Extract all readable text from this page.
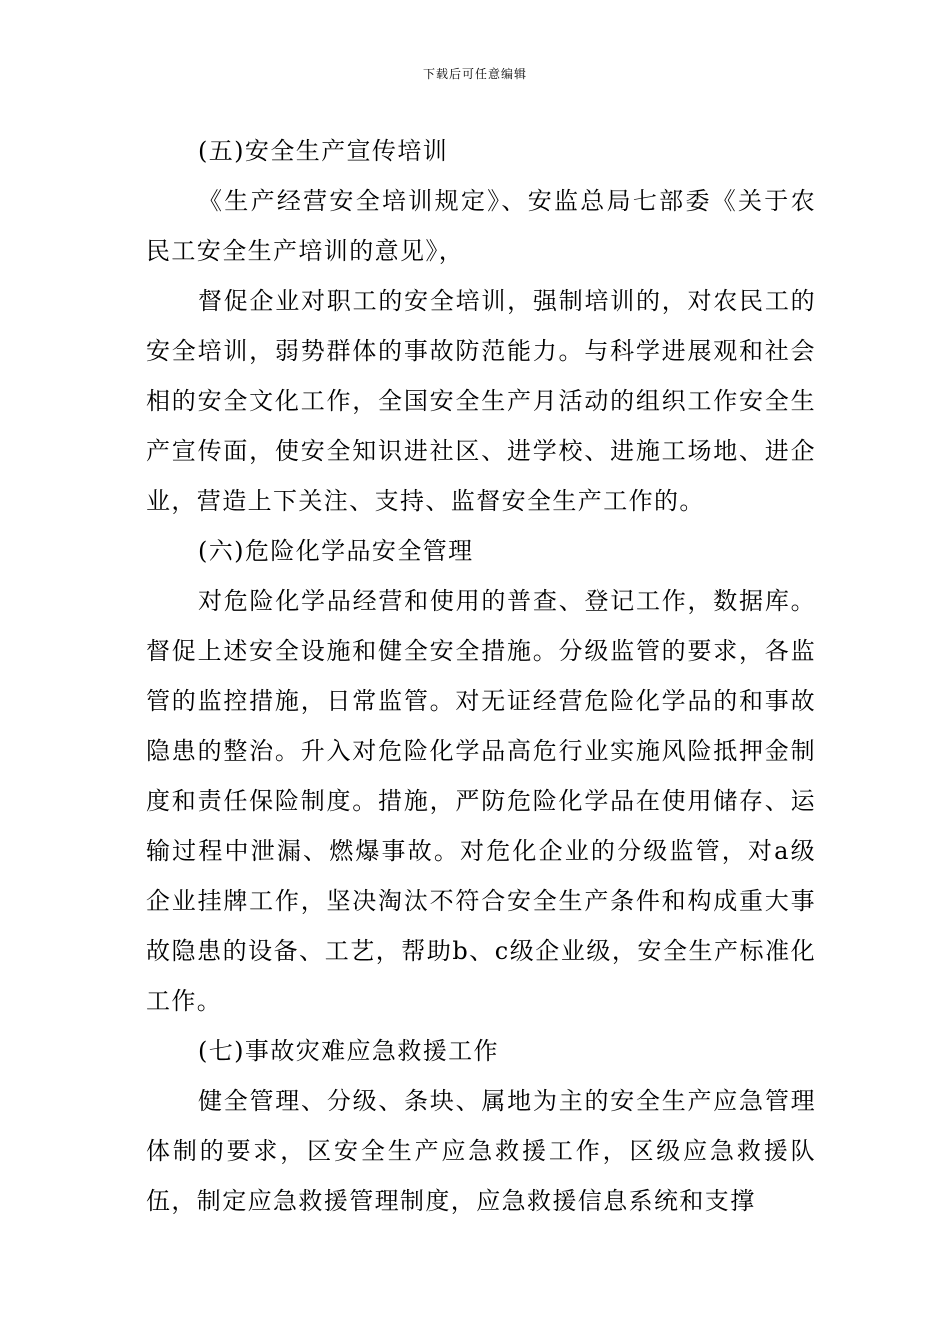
下载后可任意编辑

(五)安全生产宣传培训

《生产经营安全培训规定》、安监总局七部委《关于农民工安全生产培训的意见》，

督促企业对职工的安全培训，强制培训的，对农民工的安全培训，弱势群体的事故防范能力。与科学进展观和社会相的安全文化工作，全国安全生产月活动的组织工作安全生产宣传面，使安全知识进社区、进学校、进施工场地、进企业，营造上下关注、支持、监督安全生产工作的。

(六)危险化学品安全管理

对危险化学品经营和使用的普查、登记工作，数据库。督促上述安全设施和健全安全措施。分级监管的要求，各监管的监控措施，日常监管。对无证经营危险化学品的和事故隐患的整治。升入对危险化学品高危行业实施风险抵押金制度和责任保险制度。措施，严防危险化学品在使用储存、运输过程中泄漏、燃爆事故。对危化企业的分级监管，对a级企业挂牌工作，坚决淘汰不符合安全生产条件和构成重大事故隐患的设备、工艺，帮助b、c级企业级，安全生产标准化工作。

(七)事故灾难应急救援工作

健全管理、分级、条块、属地为主的安全生产应急管理体制的要求，区安全生产应急救援工作，区级应急救援队伍，制定应急救援管理制度，应急救援信息系统和支撑
